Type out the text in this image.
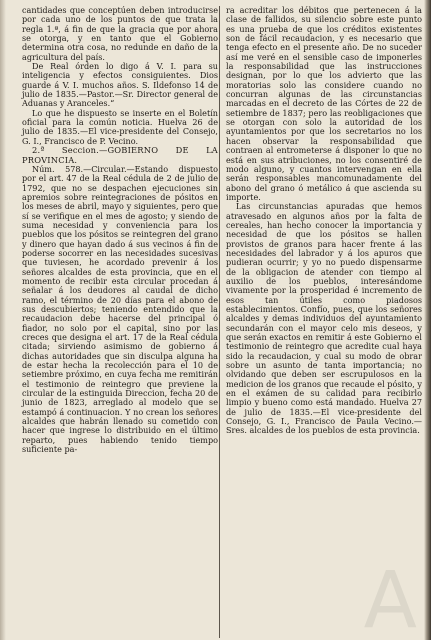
cantidades que conceptúen deben introducirse por cada uno de los puntos de que trata la regla 1.ª, á fin de que la gracia que por ahora se otorga, y en tanto que el Gobierno determina otra cosa, no redunde en daño de la agricultura del país.

De Real órden lo digo á V. I. para su inteligencia y efectos consiguientes. Dios guarde á V. I. muchos años. S. Ildefonso 14 de julio de 1835.—Pastor.—Sr. Director general de Aduanas y Aranceles.“

Lo que he dispuesto se inserte en el Boletín oficial para la común noticia. Huelva 26 de julio de 1835.—El vice-presidente del Consejo, G. I., Francisco de P. Vecino.

2.ª Seccion.—GOBIERNO DE LA PROVINCIA.

Núm. 578.—Circular.—Estando dispuesto por el art. 47 de la Real cédula de 2 de julio de 1792, que no se despachen ejecuciones sin apremios sobre reintegraciones de pósitos en los meses de abril, mayo y siguientes, pero que sí se verifique en el mes de agosto; y siendo de suma necesidad y conveniencia para los pueblos que los pósitos se reintegren del grano y dinero que hayan dado á sus vecinos á fin de poderse socorrer en las necesidades sucesivas que tuviesen, he acordado prevenir á los señores alcaldes de esta provincia, que en el momento de recibir esta circular procedan á señalar á los deudores al caudal de dicho ramo, el término de 20 días para el abono de sus descubiertos; teniendo entendido que la recaudacion debe hacerse del principal ó fiador, no solo por el capital, sino por las creces que designa el art. 17 de la Real cédula citada; sirviendo asimismo de gobierno á dichas autoridades que sin disculpa alguna ha de estar hecha la recolección para el 10 de setiembre próximo, en cuya fecha me remitirán el testimonio de reintegro que previene la circular de la estinguida Direccion, fecha 20 de junio de 1823, arreglado al modelo que se estampó á continuacion. Y no crean los señores alcaldes que habrán llenado su cometido con hacer que ingrese lo distribuido en el último reparto, pues habiendo tenido tiempo suficiente pa-

ra acreditar los débitos que pertenecen á la clase de fallidos, su silencio sobre este punto es una prueba de que los créditos existentes son de fácil recaudacion, y es necesario que tenga efecto en el presente año. De no suceder así me veré en el sensible caso de imponerles la responsabilidad que las instrucciones designan, por lo que los advierto que las moratorias solo las considere cuando no concurran algunas de las circunstancias marcadas en el decreto de las Córtes de 22 de setiembre de 1837; pero las reobligaciones que se otorgan con solo la autoridad de los ayuntamientos por que los secretarios no los hacen observar la responsabilidad que contraen al entrometerse á disponer lo que no está en sus atribuciones, no los consentiré de modo alguno, y cuantos intervengan en ella serán responsables mancomunadamente del abono del grano ó metálico á que ascienda su importe.

Las circunstancias apuradas que hemos atravesado en algunos años por la falta de cereales, han hecho conocer la importancia y necesidad de que los pósitos se hallen provistos de granos para hacer frente á las necesidades del labrador y á los apuros que pudieran ocurrir; y yo no puedo dispensarme de la obligacion de atender con tiempo al auxilio de los pueblos, interesándome vivamente por la prosperidad é incremento de esos tan útiles como piadosos establecimientos. Confío, pues, que los señores alcaldes y demas individuos del ayuntamiento secundarán con el mayor celo mis deseos, y que serán exactos en remitir á este Gobierno el testimonio de reintegro que acredite cual haya sido la recaudacion, y cual su modo de obrar sobre un asunto de tanta importancia; no olvidando que deben ser escrupulosos en la medicion de los granos que recaude el pósito, y en el exámen de su calidad para recibirlo limpio y bueno como está mandado. Huelva 27 de julio de 1835.—El vice-presidente del Consejo, G. I., Francisco de Paula Vecino.—Sres. alcaldes de los pueblos de esta provincia.

A
